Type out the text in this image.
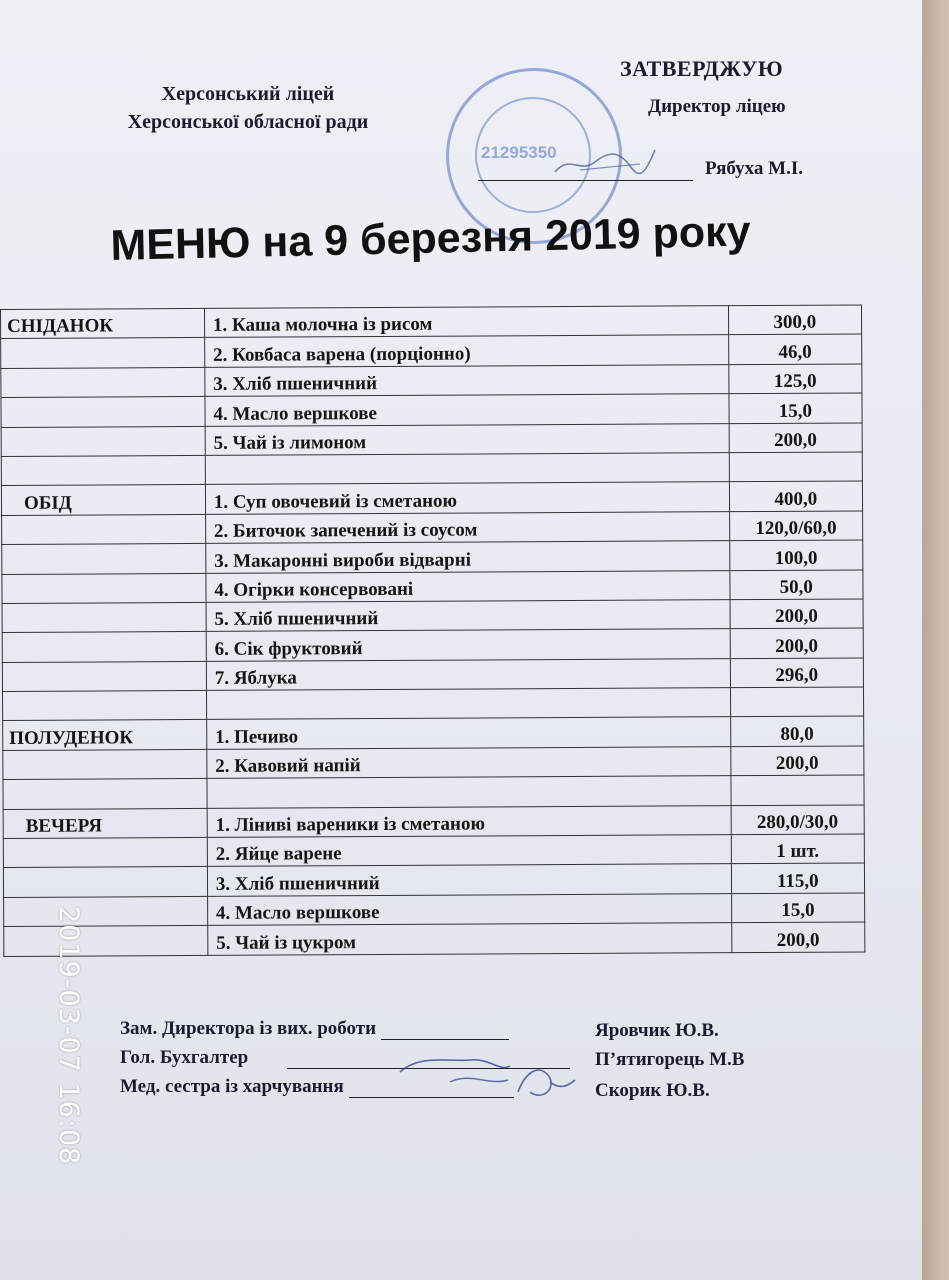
Херсонський ліцей
Херсонської обласної ради
21295350
ЗАТВЕРДЖУЮ
Директор ліцею
Рябуха М.І.
МЕНЮ на 9 березня 2019 року
СНІДАНОК	1. Каша молочна із рисом	300,0
	2. Ковбаса варена (порціонно)	46,0
	3. Хліб пшеничний	125,0
	4. Масло вершкове	15,0
	5. Чай із лимоном	200,0

ОБІД	1. Суп овочевий із сметаною	400,0
	2. Биточок запечений із соусом	120,0/60,0
	3. Макаронні вироби відварні	100,0
	4. Огірки консервовані	50,0
	5. Хліб пшеничний	200,0
	6. Сік фруктовий	200,0
	7. Яблука	296,0

ПОЛУДЕНОК	1. Печиво	80,0
	2. Кавовий напій	200,0

ВЕЧЕРЯ	1. Ліниві вареники із сметаною	280,0/30,0
	2. Яйце варене	1 шт.
	3. Хліб пшеничний	115,0
	4. Масло вершкове	15,0
	5. Чай із цукром	200,0
Зам. Директора із вих. роботи	Яровчик Ю.В.
Гол. Бухгалтер	П’ятигорець М.В
Мед. сестра із харчування	Скорик Ю.В.
2019-03-07 16:08
